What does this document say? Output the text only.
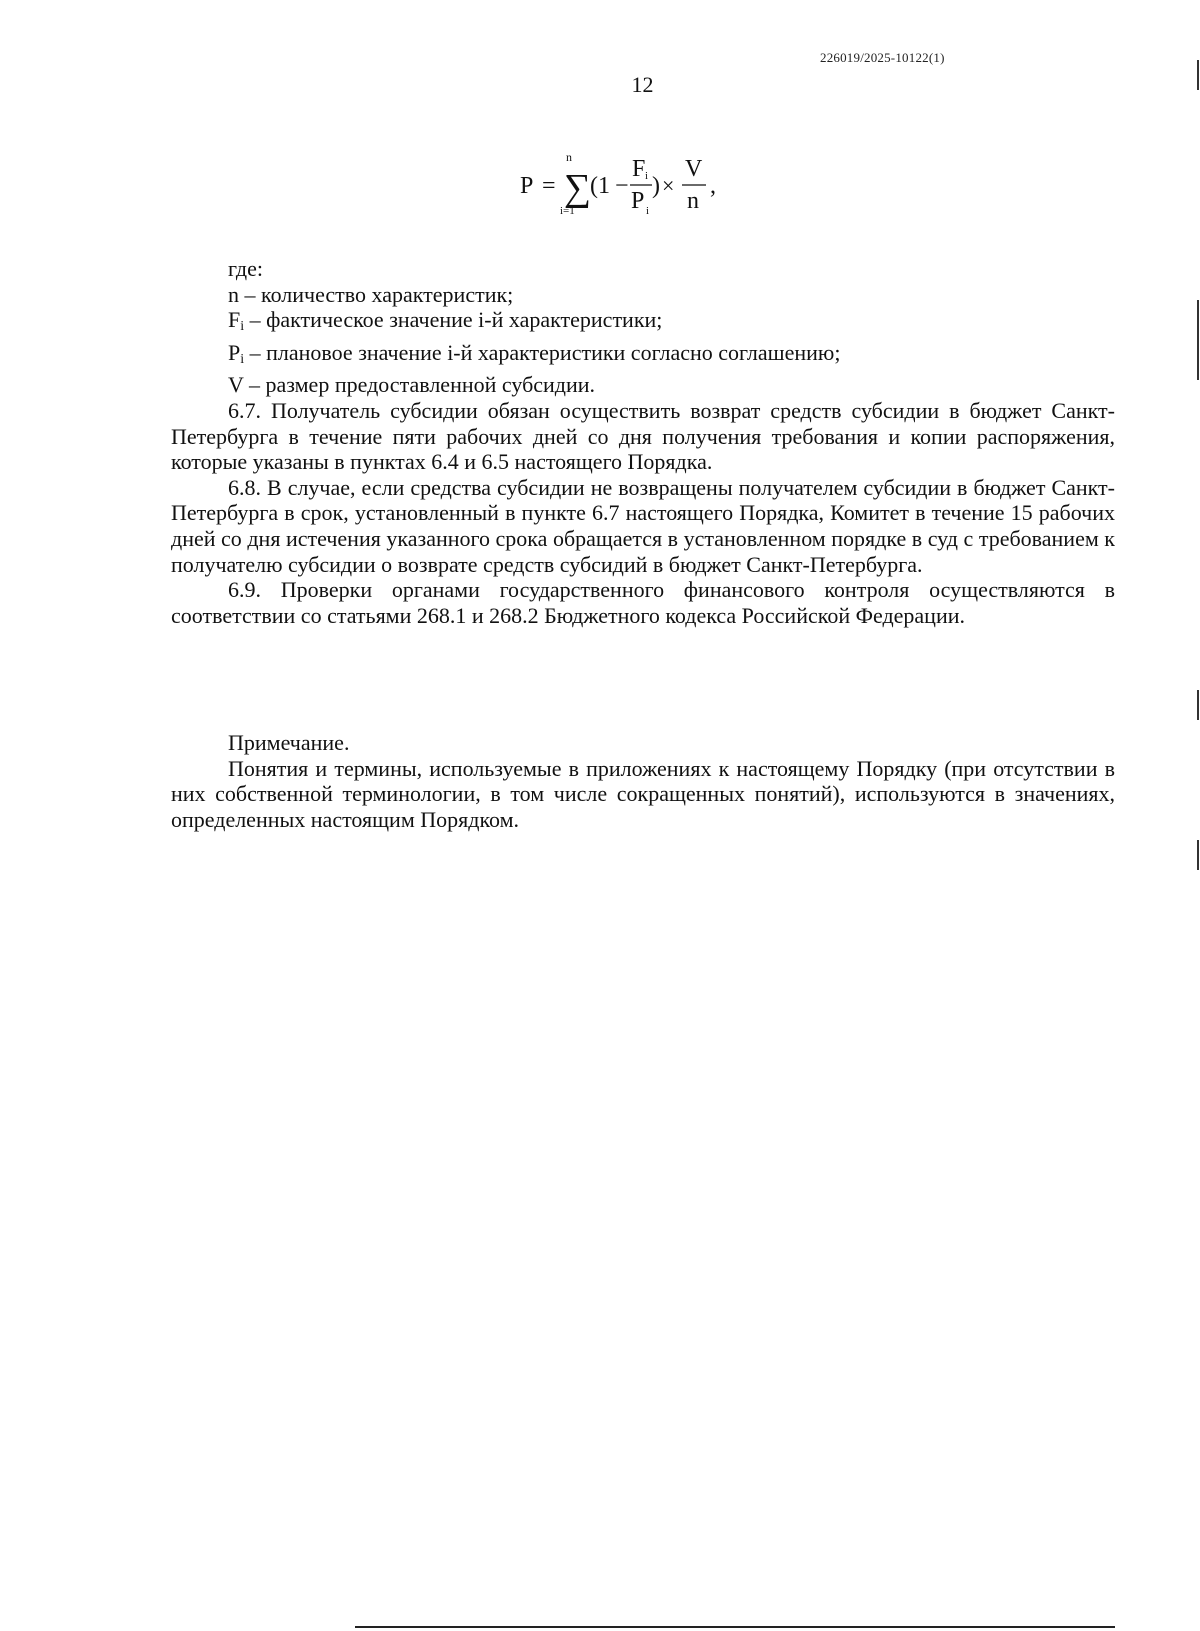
226019/2025-10122(1)
12
P =
n
∑
i=1
(1 −
F i
P i
) ×
V
n
,

где:

n – количество характеристик;

$F_i$ – фактическое значение i-й характеристики;

$P_i$ – плановое значение i-й характеристики согласно соглашению;

V – размер предоставленной субсидии.

6.7. Получатель субсидии обязан осуществить возврат средств субсидии в бюджет Санкт-Петербурга в течение пяти рабочих дней со дня получения требования и копии распоряжения, которые указаны в пунктах 6.4 и 6.5 настоящего Порядка.

6.8. В случае, если средства субсидии не возвращены получателем субсидии в бюджет Санкт-Петербурга в срок, установленный в пункте 6.7 настоящего Порядка, Комитет в течение 15 рабочих дней со дня истечения указанного срока обращается в установленном порядке в суд с требованием к получателю субсидии о возврате средств субсидий в бюджет Санкт-Петербурга.

6.9. Проверки органами государственного финансового контроля осуществляются в соответствии со статьями 268.1 и 268.2 Бюджетного кодекса Российской Федерации.

Примечание.

Понятия и термины, используемые в приложениях к настоящему Порядку (при отсутствии в них собственной терминологии, в том числе сокращенных понятий), используются в значениях, определенных настоящим Порядком.
